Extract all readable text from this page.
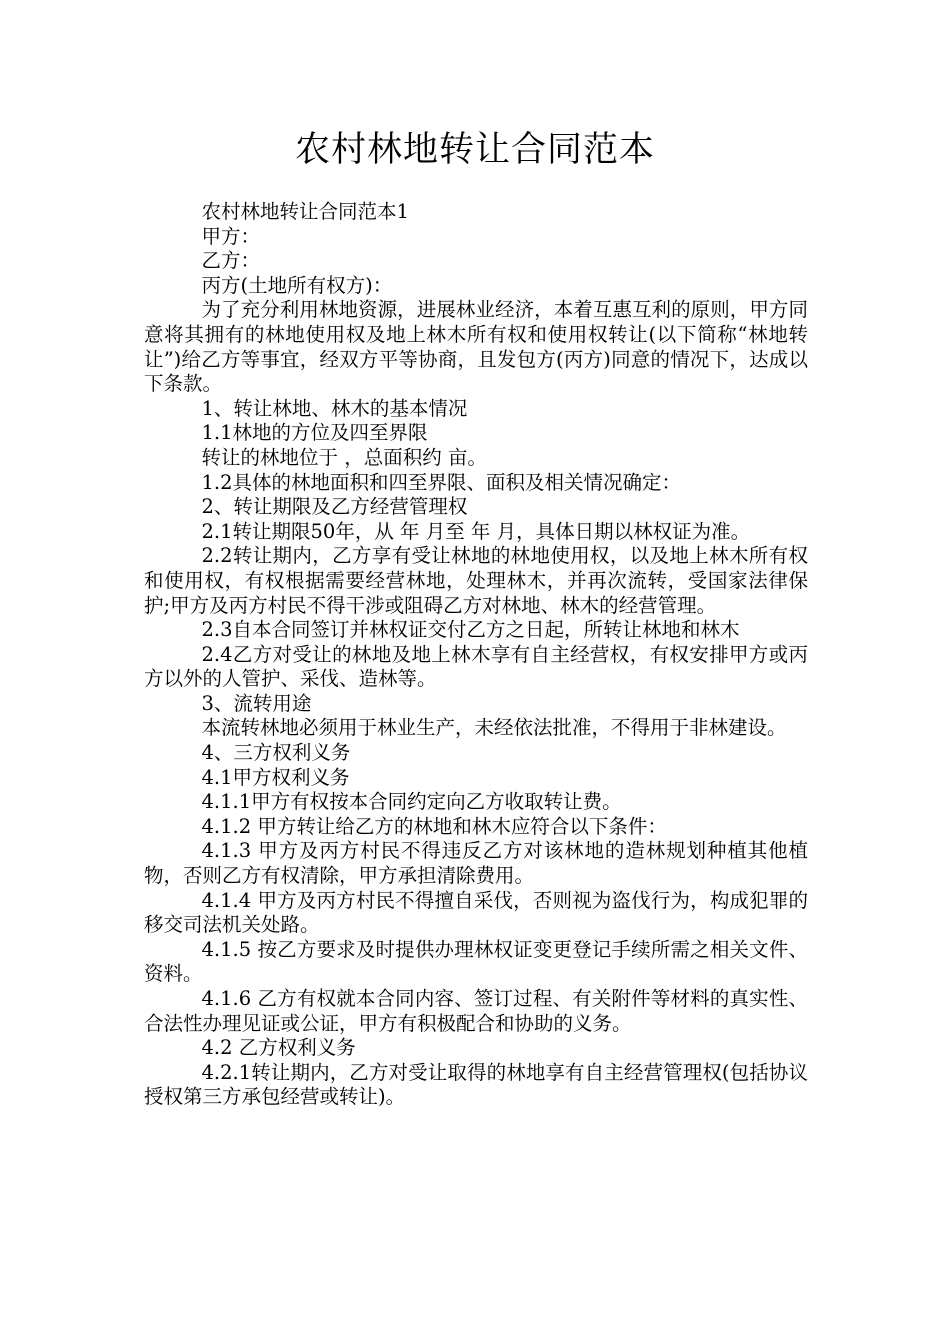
农村林地转让合同范本

农村林地转让合同范本1

甲方：

乙方：

丙方(土地所有权方)：

为了充分利用林地资源，进展林业经济，本着互惠互利的原则，甲方同意将其拥有的林地使用权及地上林木所有权和使用权转让(以下简称“林地转让”)给乙方等事宜，经双方平等协商，且发包方(丙方)同意的情况下，达成以下条款。

1、转让林地、林木的基本情况

1.1林地的方位及四至界限

转让的林地位于 ，总面积约 亩。

1.2具体的林地面积和四至界限、面积及相关情况确定：

2、转让期限及乙方经营管理权

2.1转让期限50年，从 年 月至 年 月，具体日期以林权证为准。

2.2转让期内，乙方享有受让林地的林地使用权，以及地上林木所有权和使用权，有权根据需要经营林地，处理林木，并再次流转，受国家法律保护;甲方及丙方村民不得干涉或阻碍乙方对林地、林木的经营管理。

2.3自本合同签订并林权证交付乙方之日起，所转让林地和林木

2.4乙方对受让的林地及地上林木享有自主经营权，有权安排甲方或丙方以外的人管护、采伐、造林等。

3、流转用途

本流转林地必须用于林业生产，未经依法批准，不得用于非林建设。

4、三方权利义务

4.1甲方权利义务

4.1.1甲方有权按本合同约定向乙方收取转让费。

4.1.2 甲方转让给乙方的林地和林木应符合以下条件：

4.1.3 甲方及丙方村民不得违反乙方对该林地的造林规划种植其他植物，否则乙方有权清除，甲方承担清除费用。

4.1.4 甲方及丙方村民不得擅自采伐，否则视为盗伐行为，构成犯罪的移交司法机关处路。

4.1.5 按乙方要求及时提供办理林权证变更登记手续所需之相关文件、资料。

4.1.6 乙方有权就本合同内容、签订过程、有关附件等材料的真实性、合法性办理见证或公证，甲方有积极配合和协助的义务。

4.2 乙方权利义务

4.2.1转让期内，乙方对受让取得的林地享有自主经营管理权(包括协议授权第三方承包经营或转让)。
